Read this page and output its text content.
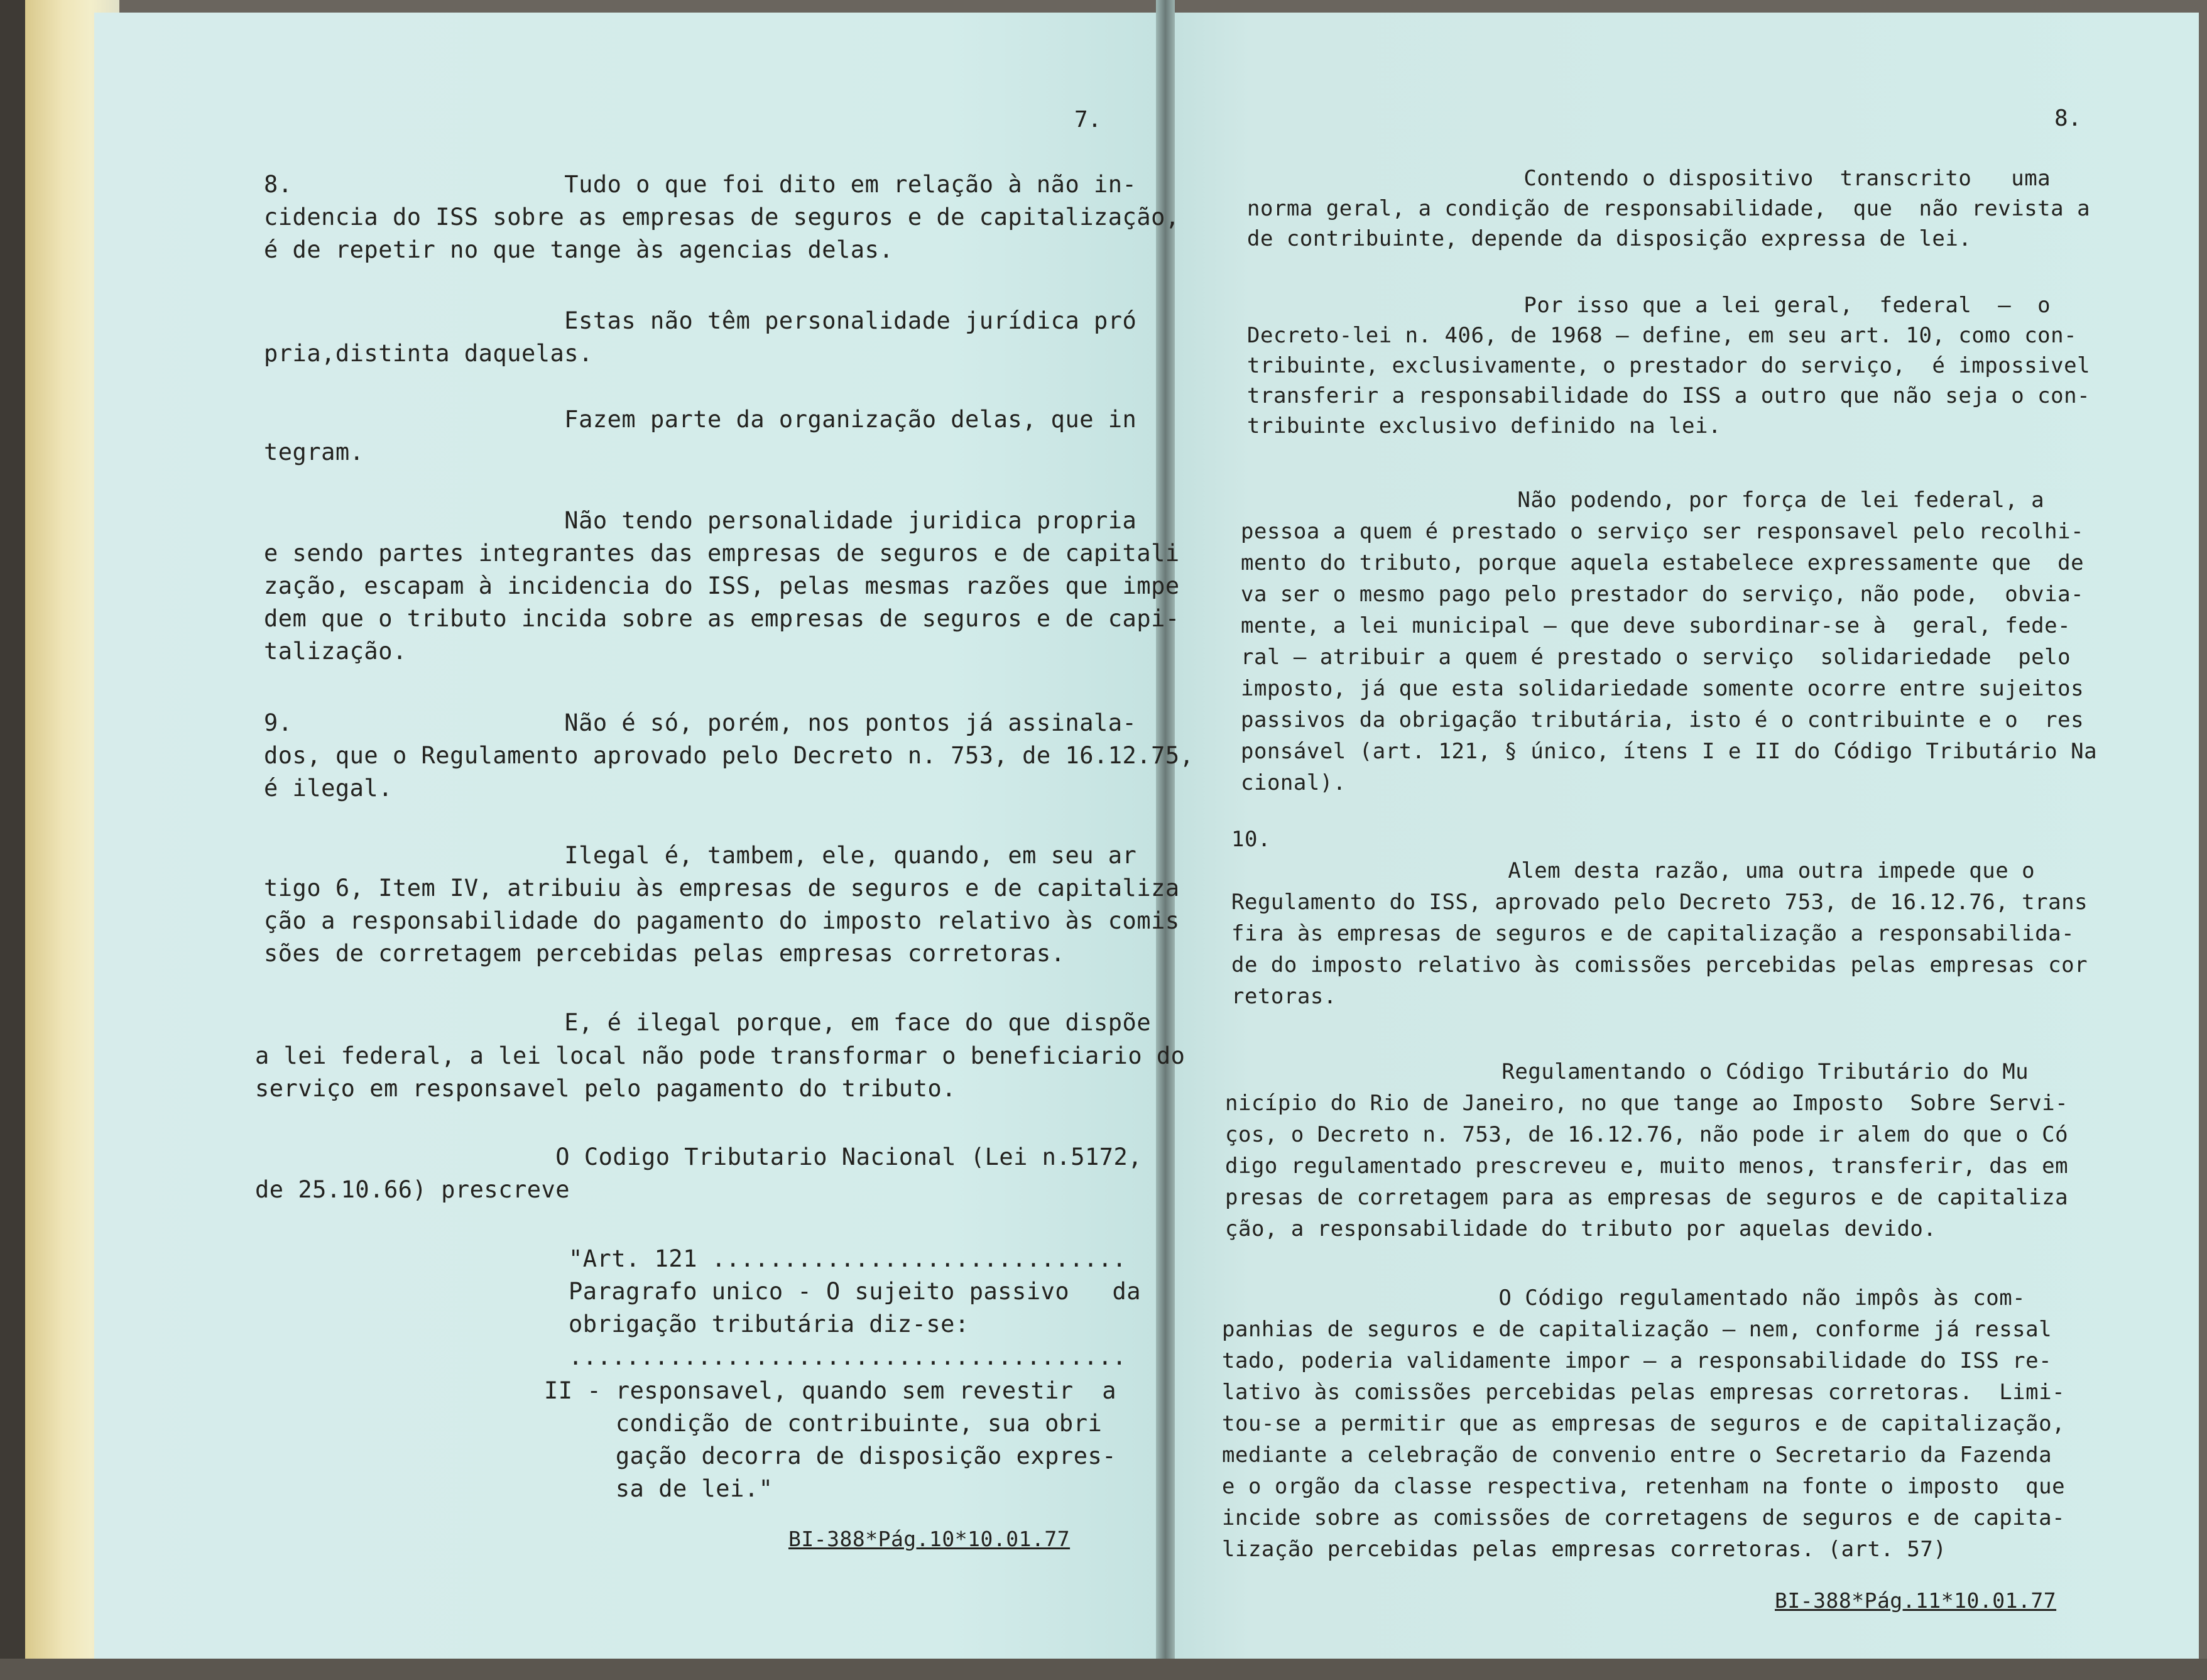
7.
8.                   Tudo o que foi dito em relação à não in-
cidencia do ISS sobre as empresas de seguros e de capitalização,
é de repetir no que tange às agencias delas.
Estas não têm personalidade jurídica pró
pria,distinta daquelas.
Fazem parte da organização delas, que in
tegram.
Não tendo personalidade juridica propria
e sendo partes integrantes das empresas de seguros e de capitali
zação, escapam à incidencia do ISS, pelas mesmas razões que impe
dem que o tributo incida sobre as empresas de seguros e de capi-
talização.
9.                   Não é só, porém, nos pontos já assinala-
dos, que o Regulamento aprovado pelo Decreto n. 753, de 16.12.75,
é ilegal.
Ilegal é, tambem, ele, quando, em seu ar
tigo 6, Item IV, atribuiu às empresas de seguros e de capitaliza
ção a responsabilidade do pagamento do imposto relativo às comis
sões de corretagem percebidas pelas empresas corretoras.
E, é ilegal porque, em face do que dispõe
a lei federal, a lei local não pode transformar o beneficiario do
serviço em responsavel pelo pagamento do tributo.
O Codigo Tributario Nacional (Lei n.5172,
de 25.10.66) prescreve
"Art. 121 .............................
Paragrafo unico - O sujeito passivo   da
obrigação tributária diz-se:
.......................................
II - responsavel, quando sem revestir  a
condição de contribuinte, sua obri
gação decorra de disposição expres-
sa de lei."
BI-388*Pág.10*10.01.77
8.
Contendo o dispositivo  transcrito   uma
norma geral, a condição de responsabilidade,  que  não revista a
de contribuinte, depende da disposição expressa de lei.
Por isso que a lei geral,  federal  —  o
Decreto-lei n. 406, de 1968 — define, em seu art. 10, como con-
tribuinte, exclusivamente, o prestador do serviço,  é impossivel
transferir a responsabilidade do ISS a outro que não seja o con-
tribuinte exclusivo definido na lei.
Não podendo, por força de lei federal, a
pessoa a quem é prestado o serviço ser responsavel pelo recolhi-
mento do tributo, porque aquela estabelece expressamente que  de
va ser o mesmo pago pelo prestador do serviço, não pode,  obvia-
mente, a lei municipal — que deve subordinar-se à  geral, fede-
ral — atribuir a quem é prestado o serviço  solidariedade  pelo
imposto, já que esta solidariedade somente ocorre entre sujeitos
passivos da obrigação tributária, isto é o contribuinte e o  res
ponsável (art. 121, § único, ítens I e II do Código Tributário Na
cional).
10.
Alem desta razão, uma outra impede que o
Regulamento do ISS, aprovado pelo Decreto 753, de 16.12.76, trans
fira às empresas de seguros e de capitalização a responsabilida-
de do imposto relativo às comissões percebidas pelas empresas cor
retoras.
Regulamentando o Código Tributário do Mu
nicípio do Rio de Janeiro, no que tange ao Imposto  Sobre Servi-
ços, o Decreto n. 753, de 16.12.76, não pode ir alem do que o Có
digo regulamentado prescreveu e, muito menos, transferir, das em
presas de corretagem para as empresas de seguros e de capitaliza
ção, a responsabilidade do tributo por aquelas devido.
O Código regulamentado não impôs às com-
panhias de seguros e de capitalização — nem, conforme já ressal
tado, poderia validamente impor — a responsabilidade do ISS re-
lativo às comissões percebidas pelas empresas corretoras.  Limi-
tou-se a permitir que as empresas de seguros e de capitalização,
mediante a celebração de convenio entre o Secretario da Fazenda
e o orgão da classe respectiva, retenham na fonte o imposto  que
incide sobre as comissões de corretagens de seguros e de capita-
lização percebidas pelas empresas corretoras. (art. 57)
BI-388*Pág.11*10.01.77
